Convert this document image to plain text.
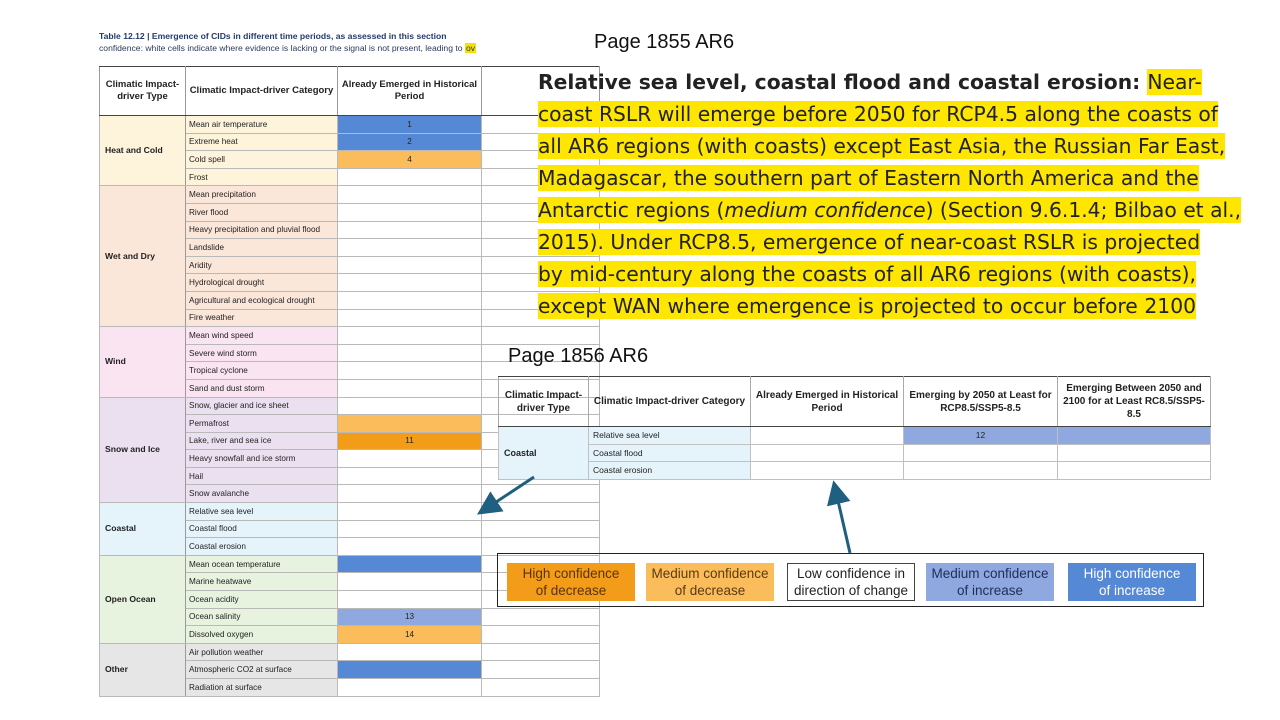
Table 12.12 | Emergence of CIDs in different time periods, as assessed in this section
confidence: white cells indicate where evidence is lacking or the signal is not present, leading to ov
Climatic Impact-driver Type	Climatic Impact-driver Category	Already Emerged in Historical Period	
Heat and Cold	Mean air temperature	1	
	Extreme heat	2	
	Cold spell	4	
	Frost		
Wet and Dry	Mean precipitation		
	River flood		
	Heavy precipitation and pluvial flood		
	Landslide		
	Aridity		
	Hydrological drought		
	Agricultural and ecological drought		
	Fire weather		
Wind	Mean wind speed		
	Severe wind storm		
	Tropical cyclone		
	Sand and dust storm		
Snow and Ice	Snow, glacier and ice sheet		
	Permafrost		
	Lake, river and sea ice	11	
	Heavy snowfall and ice storm		
	Hail		
	Snow avalanche		
Coastal	Relative sea level		
	Coastal flood		
	Coastal erosion		
Open Ocean	Mean ocean temperature		
	Marine heatwave		
	Ocean acidity		
	Ocean salinity	13	
	Dissolved oxygen	14	
Other	Air pollution weather		
	Atmospheric CO2 at surface		
	Radiation at surface		
Page 1855 AR6
Page 1856 AR6

Relative sea level, coastal flood and coastal erosion: Near-

coast RSLR will emerge before 2050 for RCP4.5 along the coasts of

all AR6 regions (with coasts) except East Asia, the Russian Far East,

Madagascar, the southern part of Eastern North America and the

Antarctic regions (medium confidence) (Section 9.6.1.4; Bilbao et al.,

2015). Under RCP8.5, emergence of near-coast RSLR is projected

by mid-century along the coasts of all AR6 regions (with coasts),

except WAN where emergence is projected to occur before 2100

Climatic Impact-driver Type	Climatic Impact-driver Category	Already Emerged in Historical Period	Emerging by 2050 at Least for RCP8.5/SSP5-8.5	Emerging Between 2050 and 2100 for at Least RC8.5/SSP5-8.5
Coastal	Relative sea level		12	
	Coastal flood			
	Coastal erosion			
High confidence
of decrease
Medium confidence
of decrease
Low confidence in
direction of change
Medium confidence
of increase
High confidence
of increase
